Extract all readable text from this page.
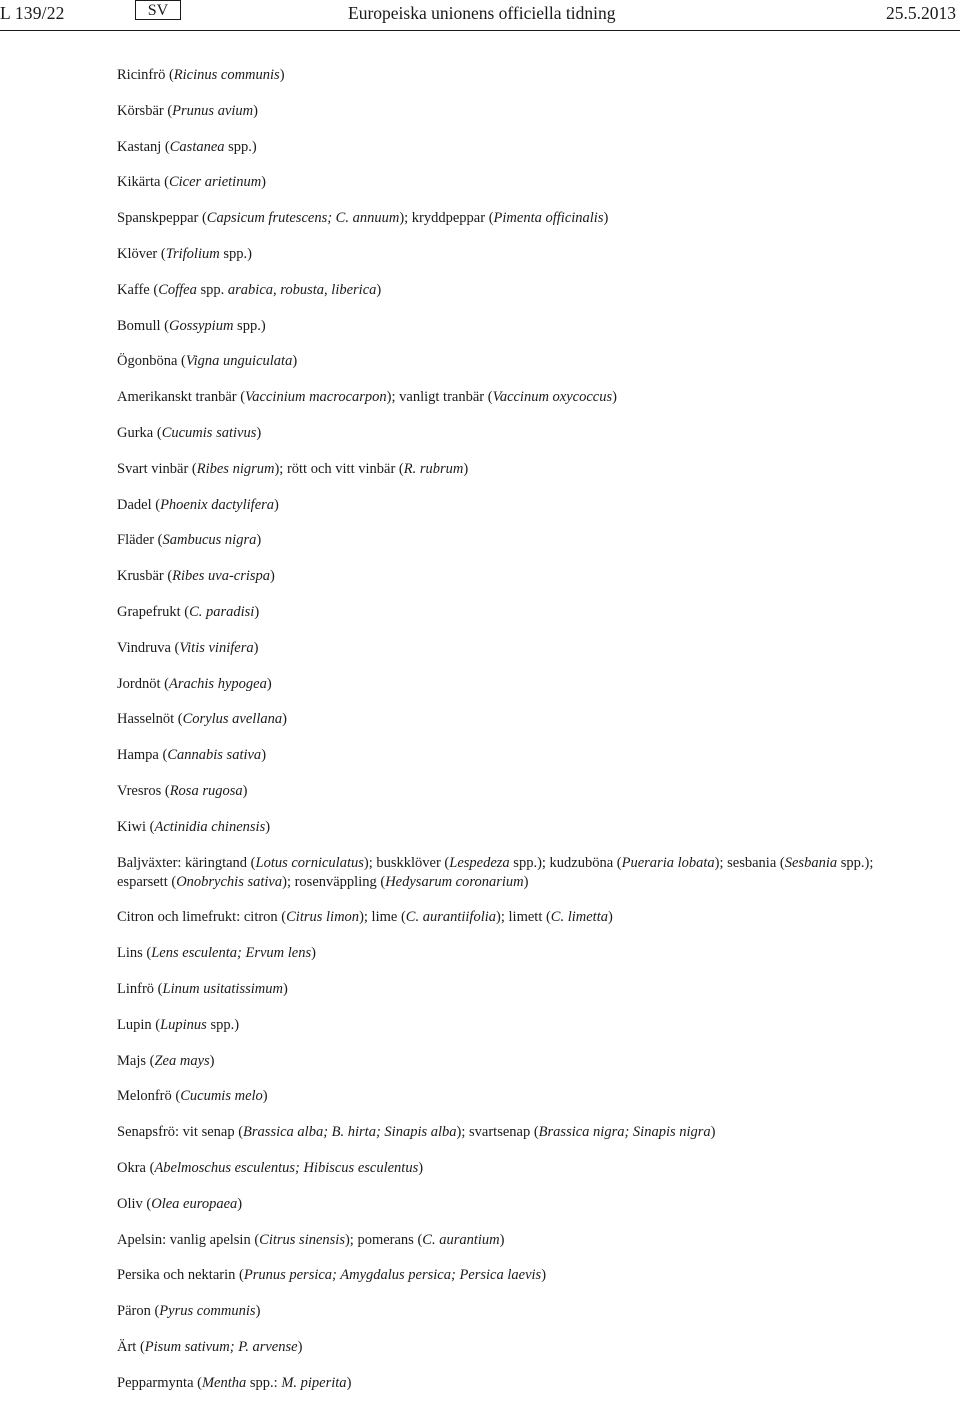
L 139/22	SV	Europeiska unionens officiella tidning	25.5.2013
Ricinfrö (Ricinus communis)
Körsbär (Prunus avium)
Kastanj (Castanea spp.)
Kikärta (Cicer arietinum)
Spanskpeppar (Capsicum frutescens; C. annuum); kryddpeppar (Pimenta officinalis)
Klöver (Trifolium spp.)
Kaffe (Coffea spp. arabica, robusta, liberica)
Bomull (Gossypium spp.)
Ögonböna (Vigna unguiculata)
Amerikanskt tranbär (Vaccinium macrocarpon); vanligt tranbär (Vaccinum oxycoccus)
Gurka (Cucumis sativus)
Svart vinbär (Ribes nigrum); rött och vitt vinbär (R. rubrum)
Dadel (Phoenix dactylifera)
Fläder (Sambucus nigra)
Krusbär (Ribes uva-crispa)
Grapefrukt (C. paradisi)
Vindruva (Vitis vinifera)
Jordnöt (Arachis hypogea)
Hasselnöt (Corylus avellana)
Hampa (Cannabis sativa)
Vresros (Rosa rugosa)
Kiwi (Actinidia chinensis)
Baljväxter: käringtand (Lotus corniculatus); buskklöver (Lespedeza spp.); kudzuböna (Pueraria lobata); sesbania (Sesbania spp.); esparsett (Onobrychis sativa); rosenväppling (Hedysarum coronarium)
Citron och limefrukt: citron (Citrus limon); lime (C. aurantiifolia); limett (C. limetta)
Lins (Lens esculenta; Ervum lens)
Linfrö (Linum usitatissimum)
Lupin (Lupinus spp.)
Majs (Zea mays)
Melonfrö (Cucumis melo)
Senapsfrö: vit senap (Brassica alba; B. hirta; Sinapis alba); svartsenap (Brassica nigra; Sinapis nigra)
Okra (Abelmoschus esculentus; Hibiscus esculentus)
Oliv (Olea europaea)
Apelsin: vanlig apelsin (Citrus sinensis); pomerans (C. aurantium)
Persika och nektarin (Prunus persica; Amygdalus persica; Persica laevis)
Päron (Pyrus communis)
Ärt (Pisum sativum; P. arvense)
Pepparmynta (Mentha spp.: M. piperita)
